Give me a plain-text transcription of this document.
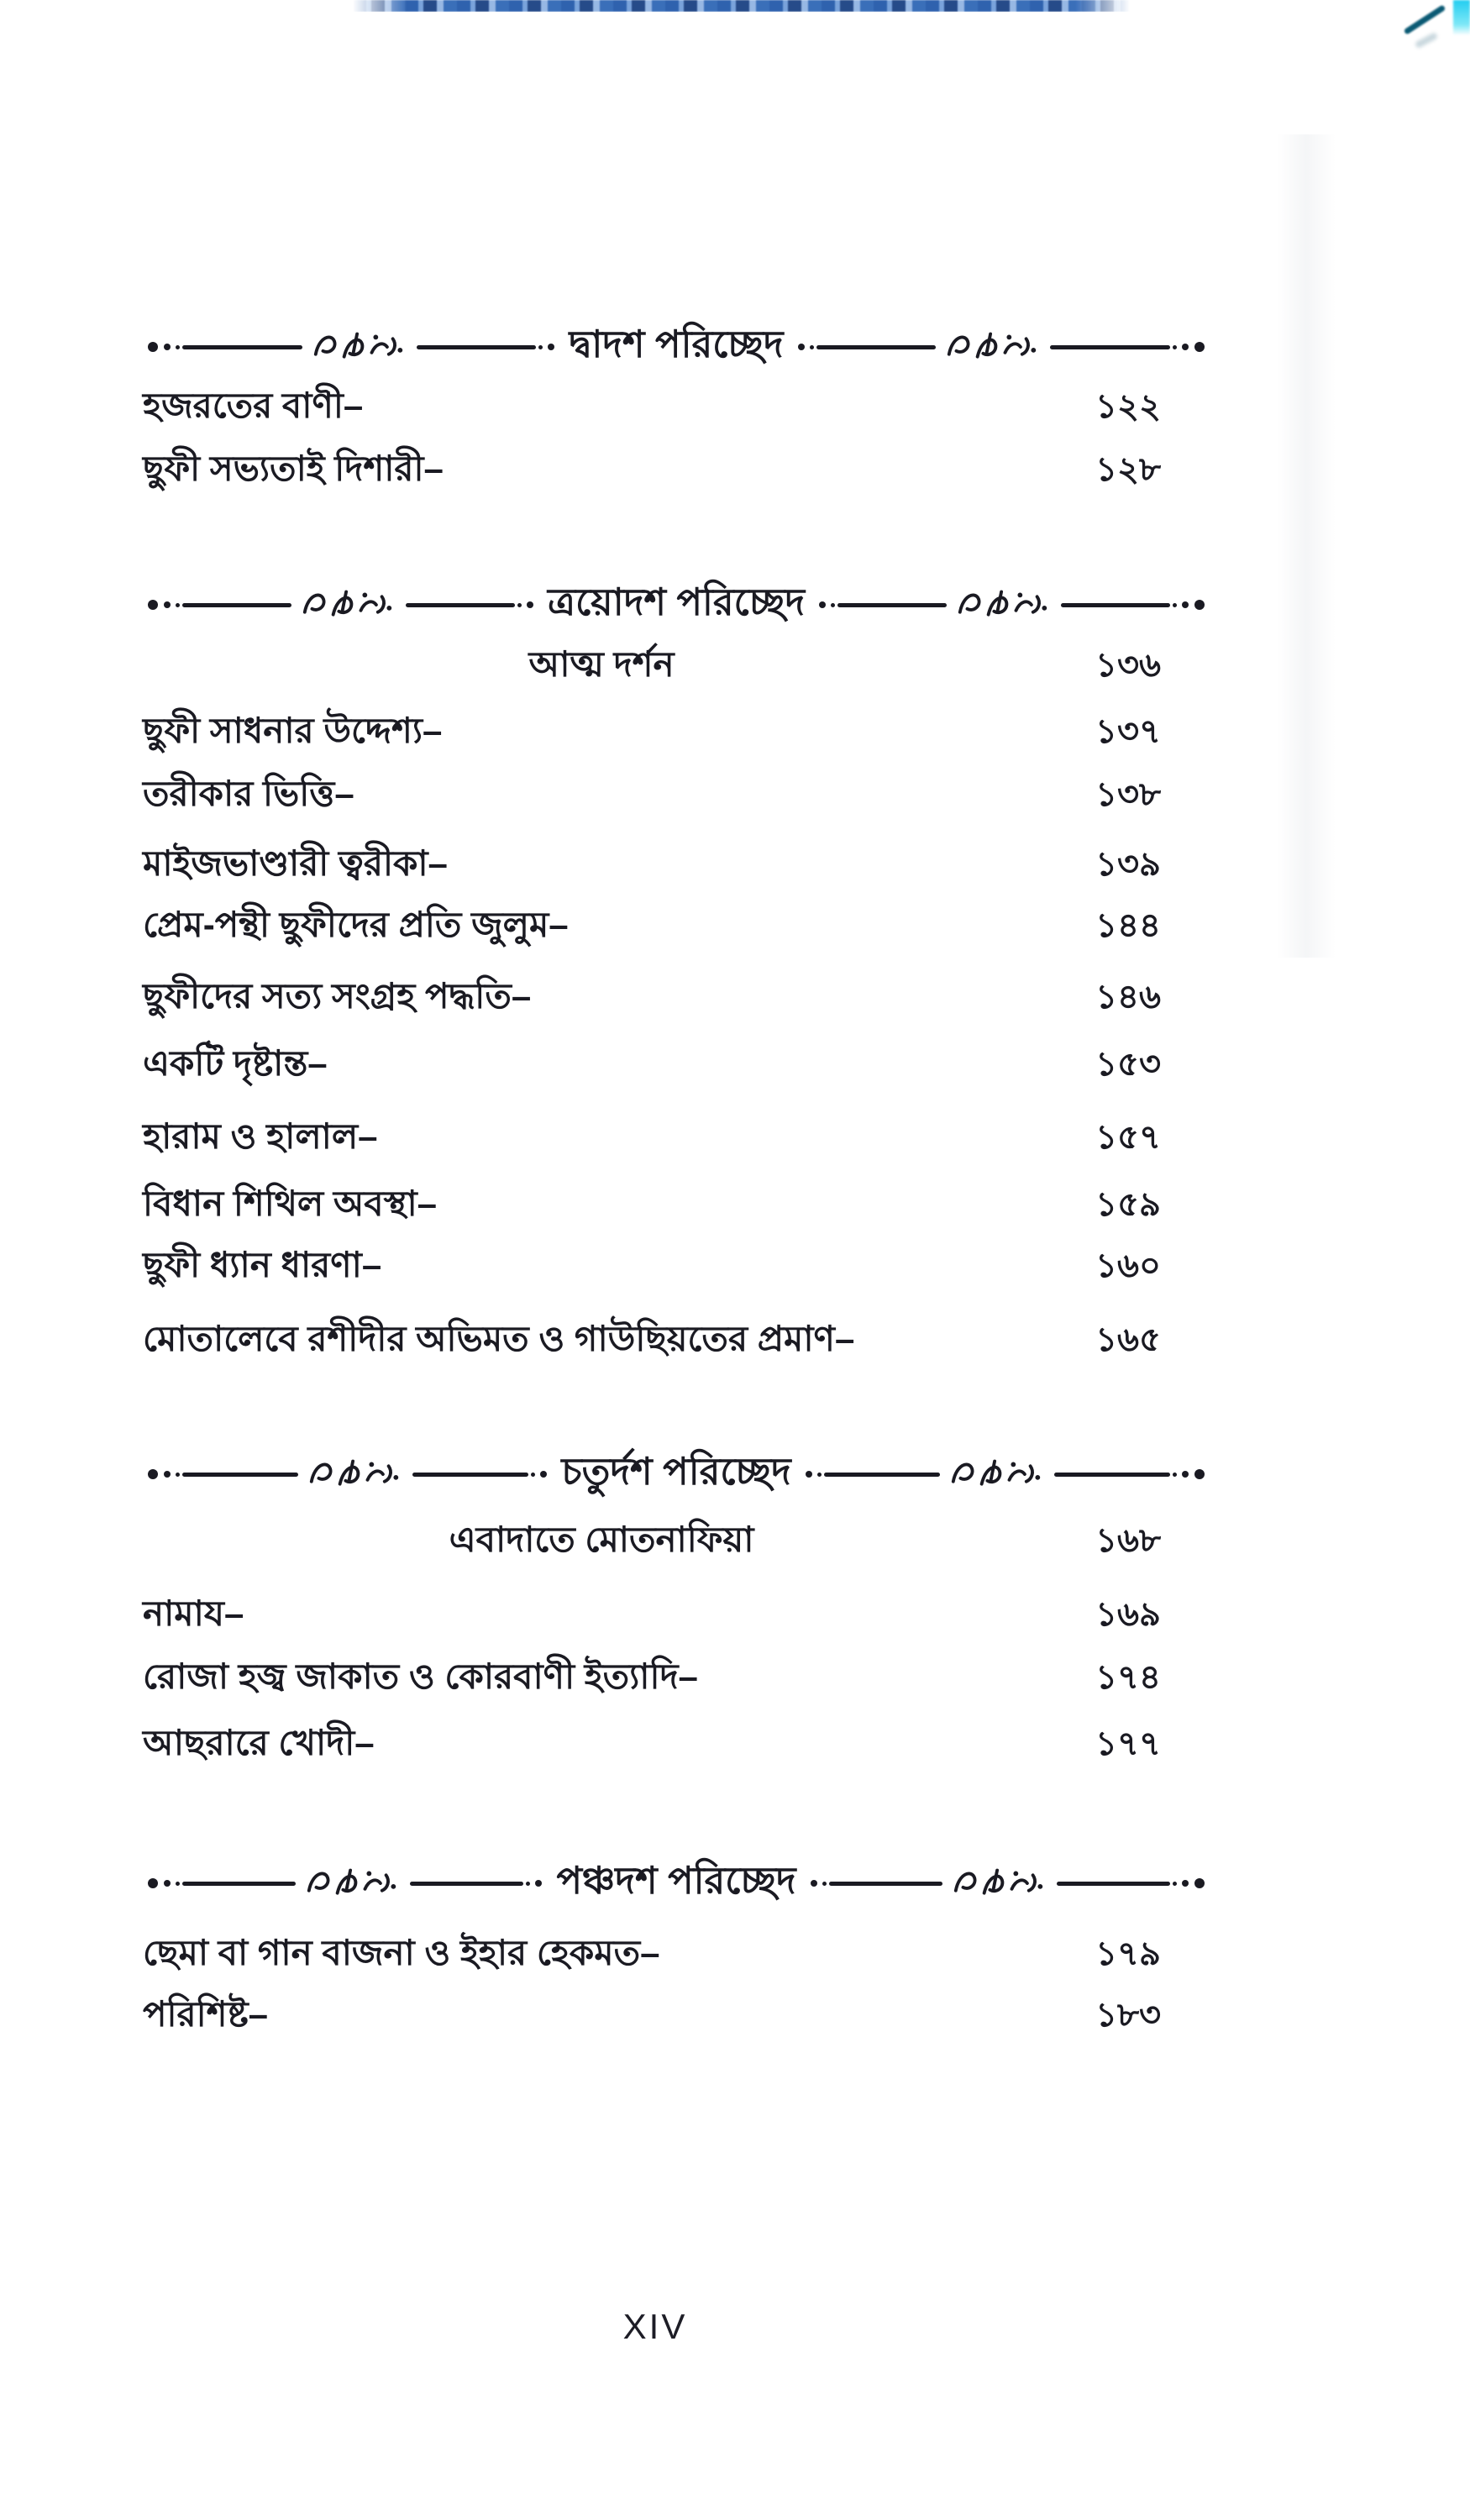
দ্বাদশ পরিচ্ছেদ
হজরতের বাণী–	১২২
ছুফী সভ্যতাই দিশারী–	১২৮
ত্রয়োদশ পরিচ্ছেদ
আত্ম দর্শন	১৩৬
ছুফী সাধনার উদ্দেশ্য–	১৩৭
তরীকার ভিত্তি–	১৩৮
মাইজভাণ্ডারী ত্বরীকা–	১৩৯
প্রেম-পন্থী ছুফীদের প্রতি জুলুম–	১৪৪
ছুফীদের সত্য সংগ্রহ পদ্ধতি–	১৪৬
একটি দৃষ্টান্ত–	১৫৩
হারাম ও হালাল–	১৫৭
বিধান শিথিল অবস্থা–	১৫৯
ছুফী ধ্যান ধারণা–	১৬০
মোতালেবে রশীদীর অভিমত ও গাউছিয়তের প্রমাণ–	১৬৫
চতুর্দশ পরিচ্ছেদ
এবাদাতে মোতনাফিয়া	১৬৮
নামায–	১৬৯
রোজা হজ্ব জাকাত ও কোরবাণী ইত্যাদি–	১৭৪
আছরারে খোদী–	১৭৭
পঞ্চদশ পরিচ্ছেদ
ছেমা বা গান বাজনা ও ইহার হেকমত–	১৭৯
পরিশিষ্ট–	১৮৩
XIV
